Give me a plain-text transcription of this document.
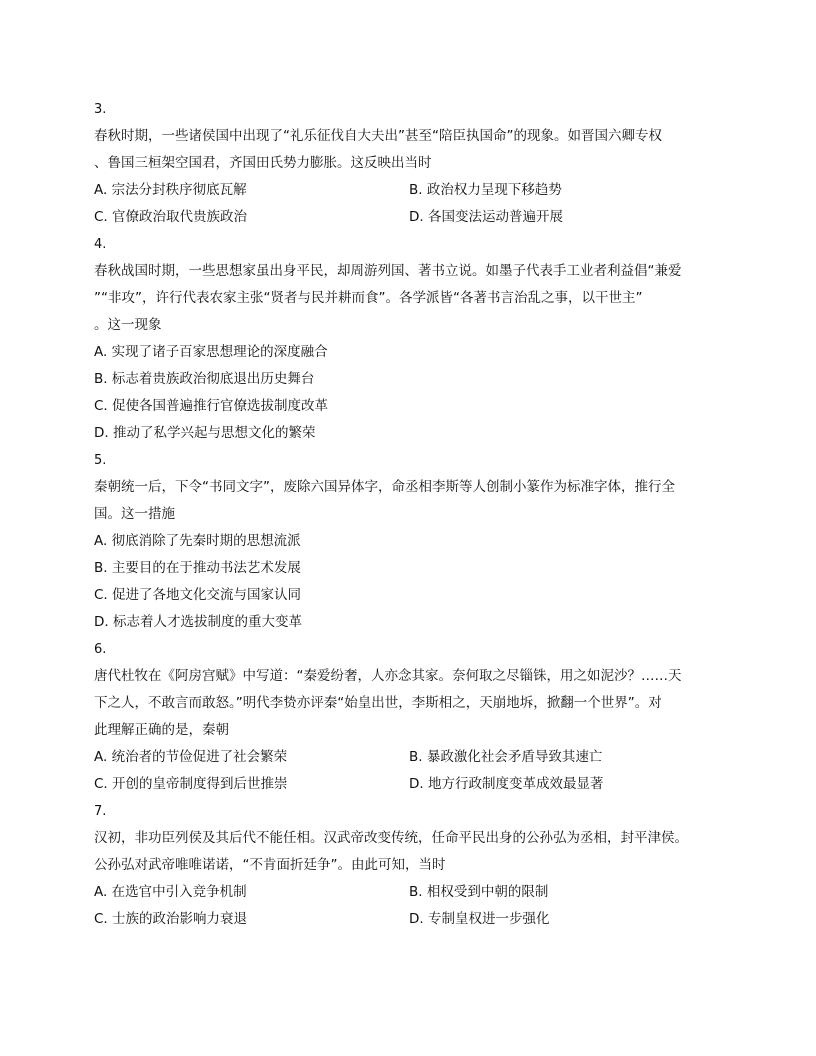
3.
春秋时期，一些诸侯国中出现了“礼乐征伐自大夫出”甚至“陪臣执国命”的现象。如晋国六卿专权
、鲁国三桓架空国君，齐国田氏势力膨胀。这反映出当时
A. 宗法分封秩序彻底瓦解	B. 政治权力呈现下移趋势
C. 官僚政治取代贵族政治	D. 各国变法运动普遍开展
4.
春秋战国时期，一些思想家虽出身平民，却周游列国、著书立说。如墨子代表手工业者利益倡“兼爱
”“非攻”，许行代表农家主张“贤者与民并耕而食”。各学派皆“各著书言治乱之事，以干世主”
。这一现象
A. 实现了诸子百家思想理论的深度融合
B. 标志着贵族政治彻底退出历史舞台
C. 促使各国普遍推行官僚选拔制度改革
D. 推动了私学兴起与思想文化的繁荣
5.
秦朝统一后，下令“书同文字”，废除六国异体字，命丞相李斯等人创制小篆作为标准字体，推行全
国。这一措施
A. 彻底消除了先秦时期的思想流派
B. 主要目的在于推动书法艺术发展
C. 促进了各地文化交流与国家认同
D. 标志着人才选拔制度的重大变革
6.
唐代杜牧在《阿房宫赋》中写道：“秦爱纷奢，人亦念其家。奈何取之尽锱铢，用之如泥沙？……天
下之人，不敢言而敢怒。”明代李贽亦评秦“始皇出世，李斯相之，天崩地坼，掀翻一个世界”。对
此理解正确的是，秦朝
A. 统治者的节俭促进了社会繁荣	B. 暴政激化社会矛盾导致其速亡
C. 开创的皇帝制度得到后世推崇	D. 地方行政制度变革成效最显著
7.
汉初，非功臣列侯及其后代不能任相。汉武帝改变传统，任命平民出身的公孙弘为丞相，封平津侯。
公孙弘对武帝唯唯诺诺，“不肯面折廷争”。由此可知，当时
A. 在选官中引入竞争机制	B. 相权受到中朝的限制
C. 士族的政治影响力衰退	D. 专制皇权进一步强化
